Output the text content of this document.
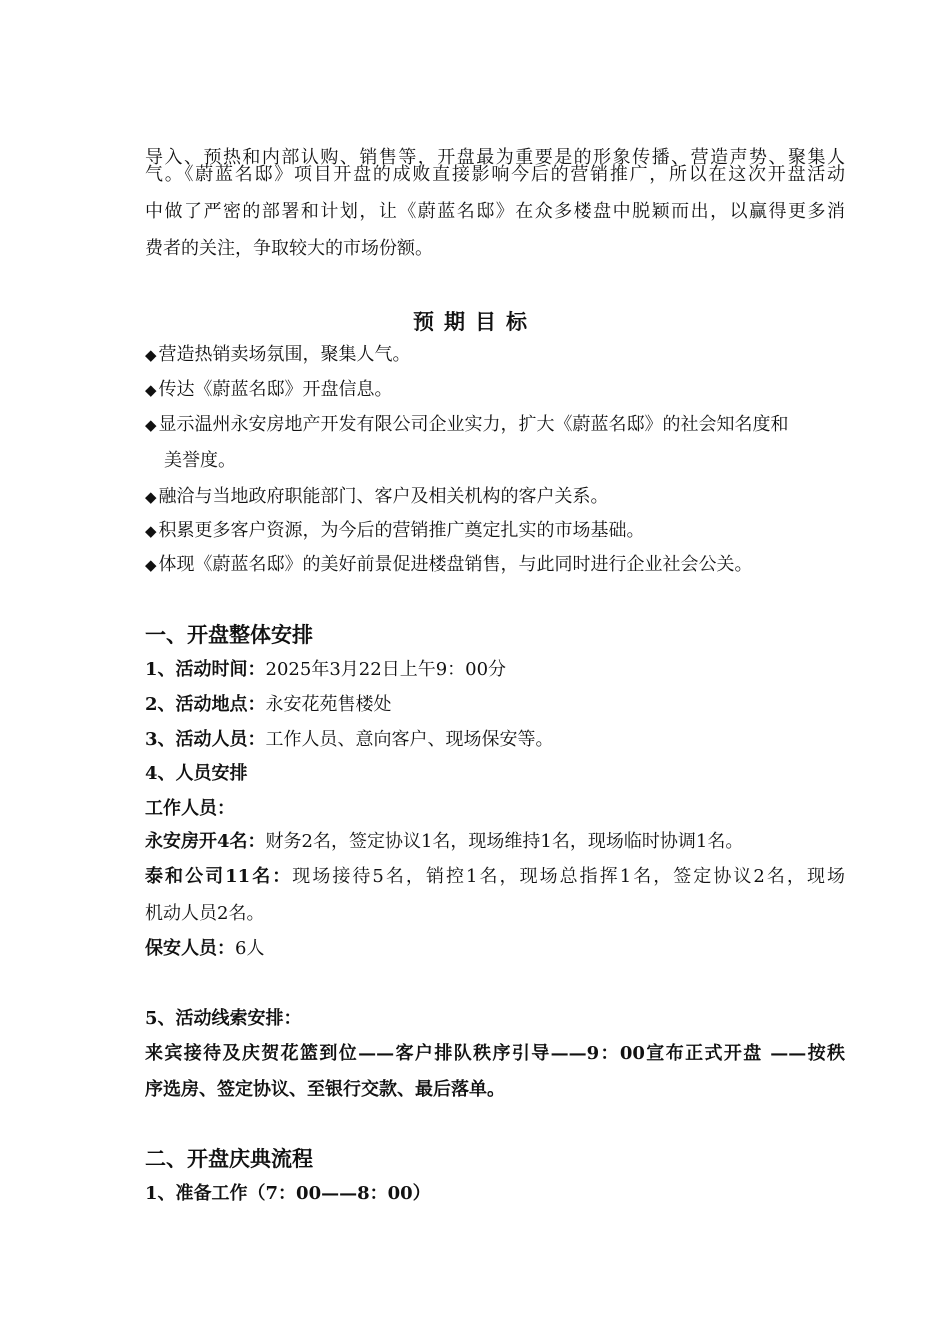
导入、预热和内部认购、销售等，开盘最为重要是的形象传播、营造声势、聚集人
气。《蔚蓝名邸》项目开盘的成败直接影响今后的营销推广，所以在这次开盘活动
中做了严密的部署和计划，让《蔚蓝名邸》在众多楼盘中脱颖而出，以赢得更多消
费者的关注，争取较大的市场份额。
预期目标
◆ 营造热销卖场氛围，聚集人气。
◆ 传达《蔚蓝名邸》开盘信息。
◆ 显示温州永安房地产开发有限公司企业实力，扩大《蔚蓝名邸》的社会知名度和
美誉度。
◆ 融洽与当地政府职能部门、客户及相关机构的客户关系。
◆ 积累更多客户资源，为今后的营销推广奠定扎实的市场基础。
◆ 体现《蔚蓝名邸》的美好前景促进楼盘销售，与此同时进行企业社会公关。
一、开盘整体安排
1、活动时间：2025年3月22日上午9：00分
2、活动地点：永安花苑售楼处
3、活动人员：工作人员、意向客户、现场保安等。
4、人员安排
工作人员：
永安房开4名：财务2名，签定协议1名，现场维持1名，现场临时协调1名。
泰和公司11名：现场接待5名，销控1名，现场总指挥1名，签定协议2名，现场
机动人员2名。
保安人员：6人
5、活动线索安排：
来宾接待及庆贺花篮到位——客户排队秩序引导——9：00宣布正式开盘 ——按秩
序选房、签定协议、至银行交款、最后落单。
二、开盘庆典流程
1、准备工作（7：00——8：00）
